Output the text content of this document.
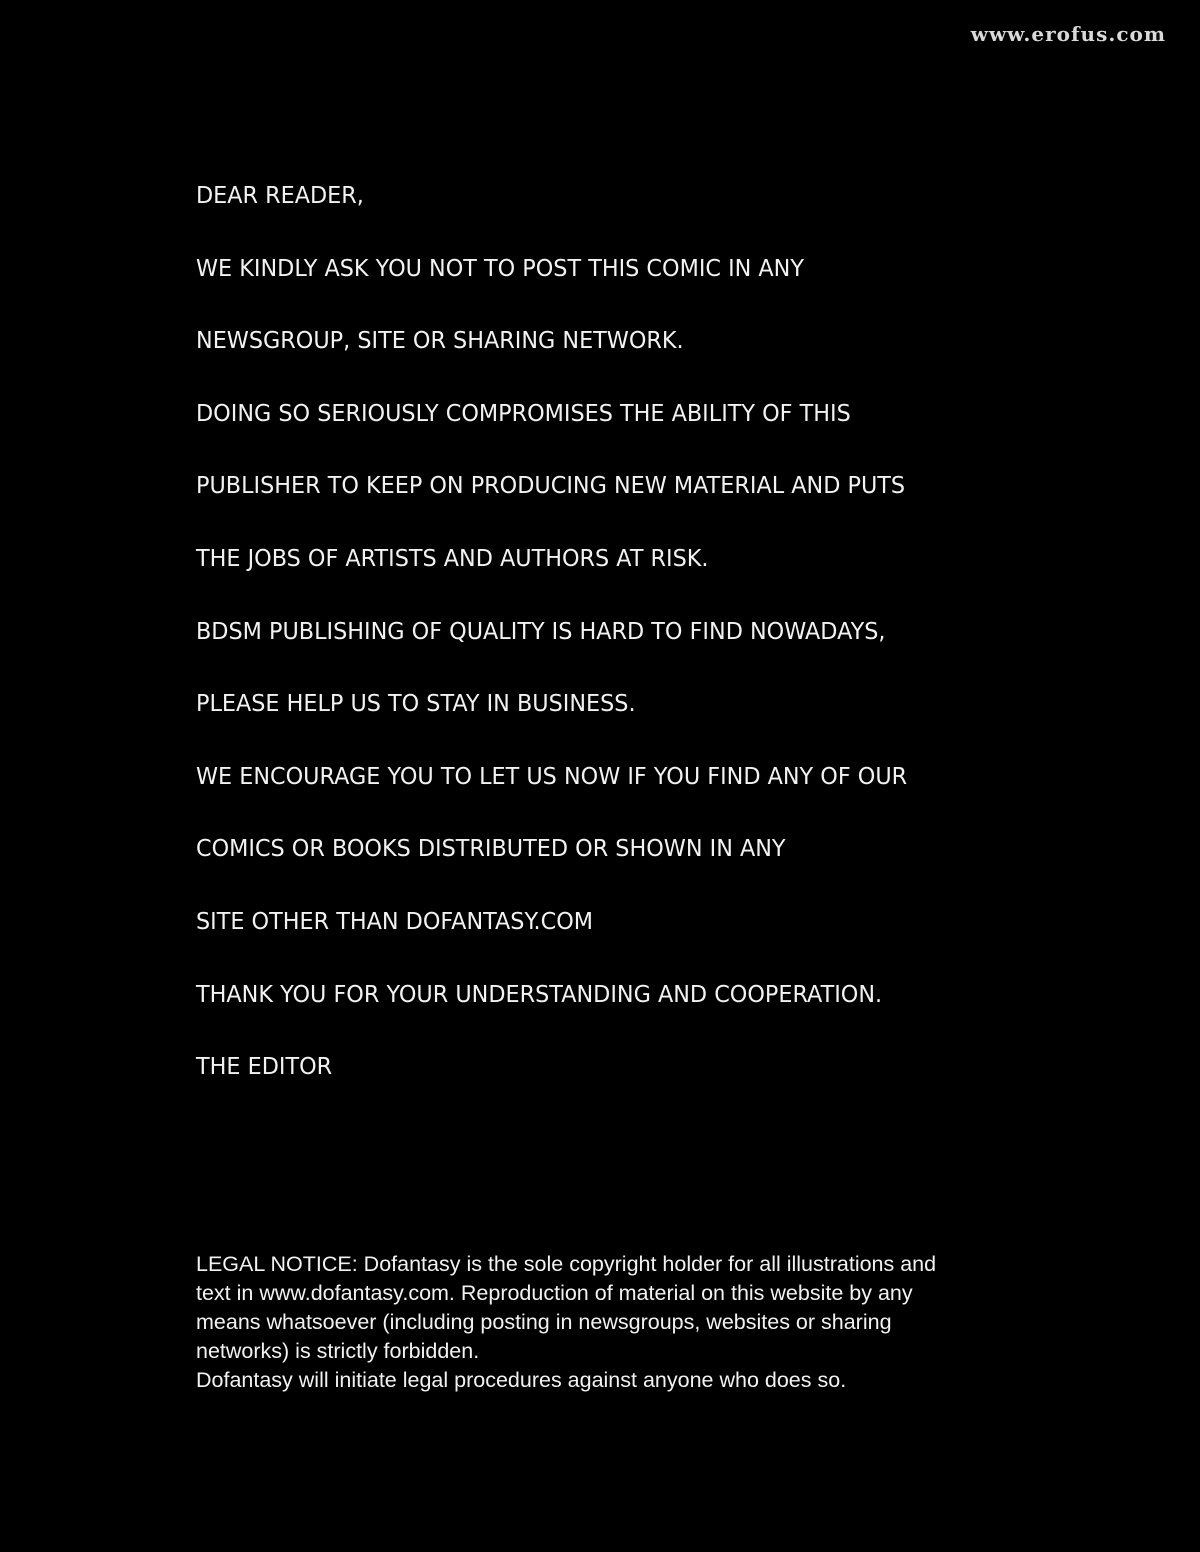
www.erofus.com
DEAR READER,
WE KINDLY ASK YOU NOT TO POST THIS COMIC IN ANY
NEWSGROUP, SITE OR SHARING NETWORK.
DOING SO SERIOUSLY COMPROMISES THE ABILITY OF THIS
PUBLISHER TO KEEP ON PRODUCING NEW MATERIAL AND PUTS
THE JOBS OF ARTISTS AND AUTHORS AT RISK.
BDSM PUBLISHING OF QUALITY IS HARD TO FIND NOWADAYS,
PLEASE HELP US TO STAY IN BUSINESS.
WE ENCOURAGE YOU TO LET US NOW IF YOU FIND ANY OF OUR
COMICS OR BOOKS DISTRIBUTED OR SHOWN IN ANY
SITE OTHER THAN DOFANTASY.COM
THANK YOU FOR YOUR UNDERSTANDING AND COOPERATION.
THE EDITOR
LEGAL NOTICE: Dofantasy is the sole copyright holder for all illustrations and
text in www.dofantasy.com. Reproduction of material on this website by any
means whatsoever (including posting in newsgroups, websites or sharing
networks) is strictly forbidden.
Dofantasy will initiate legal procedures against anyone who does so.
